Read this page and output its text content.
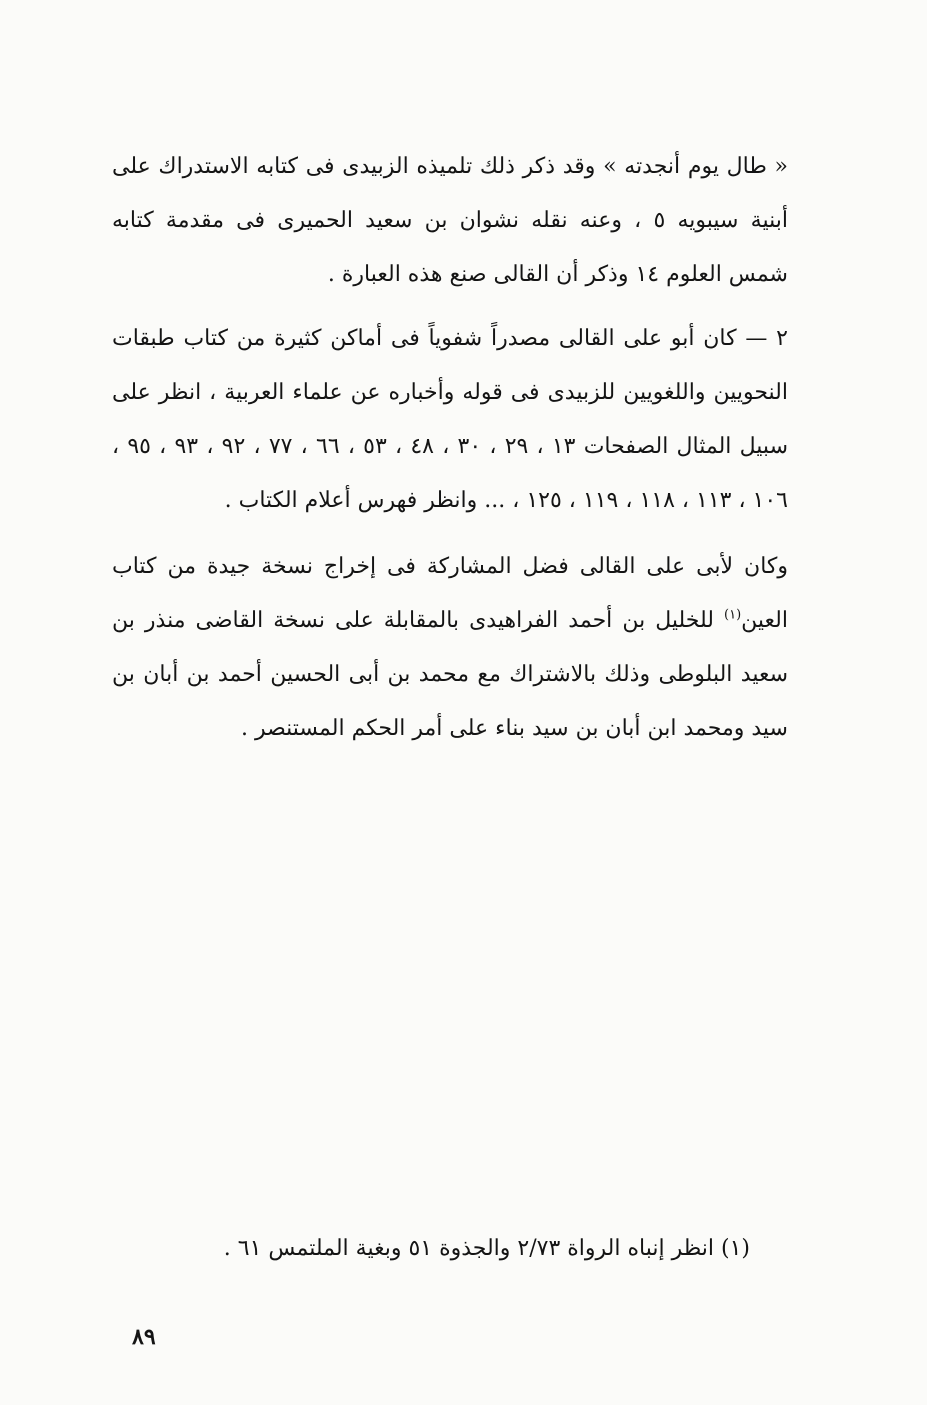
« طال يوم أنجدته » وقد ذكر ذلك تلميذه الزبيدى فى كتابه الاستدراك على أبنية سيبويه ٥ ، وعنه نقله نشوان بن سعيد الحميرى فى مقدمة كتابه شمس العلوم ١٤ وذكر أن القالى صنع هذه العبارة .

٢ — كان أبو على القالى مصدراً شفوياً فى أماكن كثيرة من كتاب طبقات النحويين واللغويين للزبيدى فى قوله وأخباره عن علماء العربية ، انظر على سبيل المثال الصفحات ١٣ ، ٢٩ ، ٣٠ ، ٤٨ ، ٥٣ ، ٦٦ ، ٧٧ ، ٩٢ ، ٩٣ ، ٩٥ ، ١٠٦ ، ١١٣ ، ١١٨ ، ١١٩ ، ١٢٥ ، ... وانظر فهرس أعلام الكتاب .

وكان لأبى على القالى فضل المشاركة فى إخراج نسخة جيدة من كتاب العين$^{(١)}$ للخليل بن أحمد الفراهيدى بالمقابلة على نسخة القاضى منذر بن سعيد البلوطى وذلك بالاشتراك مع محمد بن أبى الحسين أحمد بن أبان بن سيد ومحمد ابن أبان بن سيد بناء على أمر الحكم المستنصر .

(١) انظر إنباه الرواة ٢/٧٣ والجذوة ٥١ وبغية الملتمس ٦١ .

٨٩
